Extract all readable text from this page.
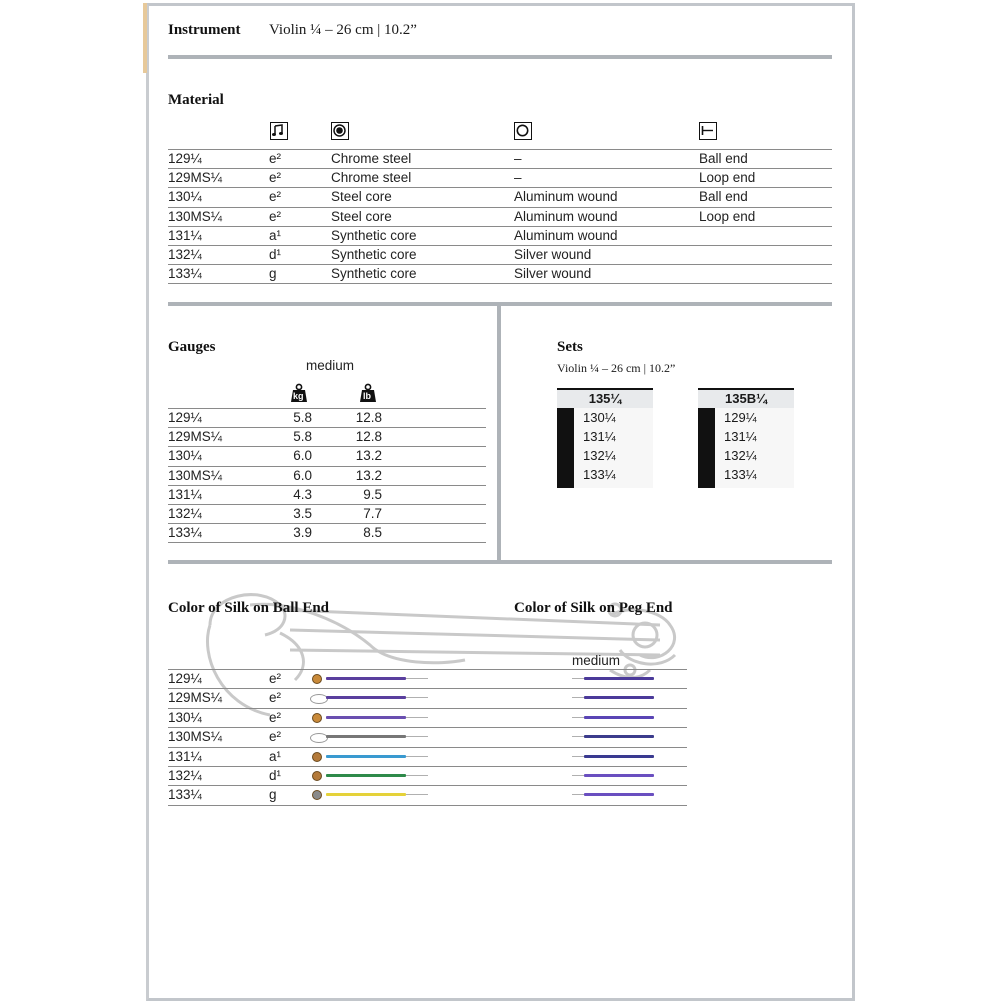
Instrument Violin ¼ – 26 cm | 10.2”
Material
129¼	e²	Chrome steel	–	Ball end
129MS¼	e²	Chrome steel	–	Loop end
130¼	e²	Steel core	Aluminum wound	Ball end
130MS¼	e²	Steel core	Aluminum wound	Loop end
131¼	a¹	Synthetic core	Aluminum wound
132¼	d¹	Synthetic core	Silver wound
133¼	g	Synthetic core	Silver wound
Gauges
medium
kg	lb
129¼	5.8	12.8
129MS¼	5.8	12.8
130¼	6.0	13.2
130MS¼	6.0	13.2
131¼	4.3	9.5
132¼	3.5	7.7
133¼	3.9	8.5
Sets
Violin ¼ – 26 cm | 10.2”
135¼
130¼
131¼
132¼
133¼
135B¼
129¼
131¼
132¼
133¼
Color of Silk on Ball End	Color of Silk on Peg End
medium
129¼	e²
129MS¼	e²
130¼	e²
130MS¼	e²
131¼	a¹
132¼	d¹
133¼	g
